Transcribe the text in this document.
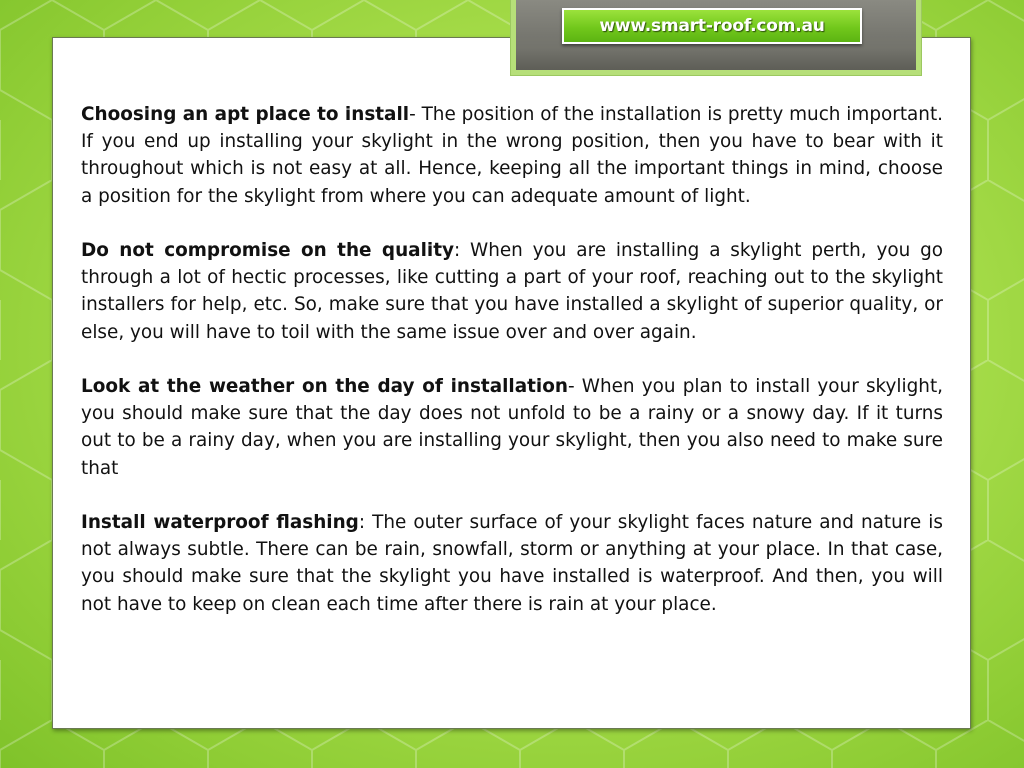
www.smart-roof.com.au

Choosing an apt place to install- The position of the installation is pretty much important. If you end up installing your skylight in the wrong position, then you have to bear with it throughout which is not easy at all. Hence, keeping all the important things in mind, choose a position for the skylight from where you can adequate amount of light.

Do not compromise on the quality: When you are installing a skylight perth, you go through a lot of hectic processes, like cutting a part of your roof, reaching out to the skylight installers for help, etc. So, make sure that you have installed a skylight of superior quality, or else, you will have to toil with the same issue over and over again.

Look at the weather on the day of installation- When you plan to install your skylight, you should make sure that the day does not unfold to be a rainy or a snowy day. If it turns out to be a rainy day, when you are installing your skylight, then you also need to make sure that

Install waterproof flashing: The outer surface of your skylight faces nature and nature is not always subtle. There can be rain, snowfall, storm or anything at your place. In that case, you should make sure that the skylight you have installed is waterproof. And then, you will not have to keep on clean each time after there is rain at your place.
